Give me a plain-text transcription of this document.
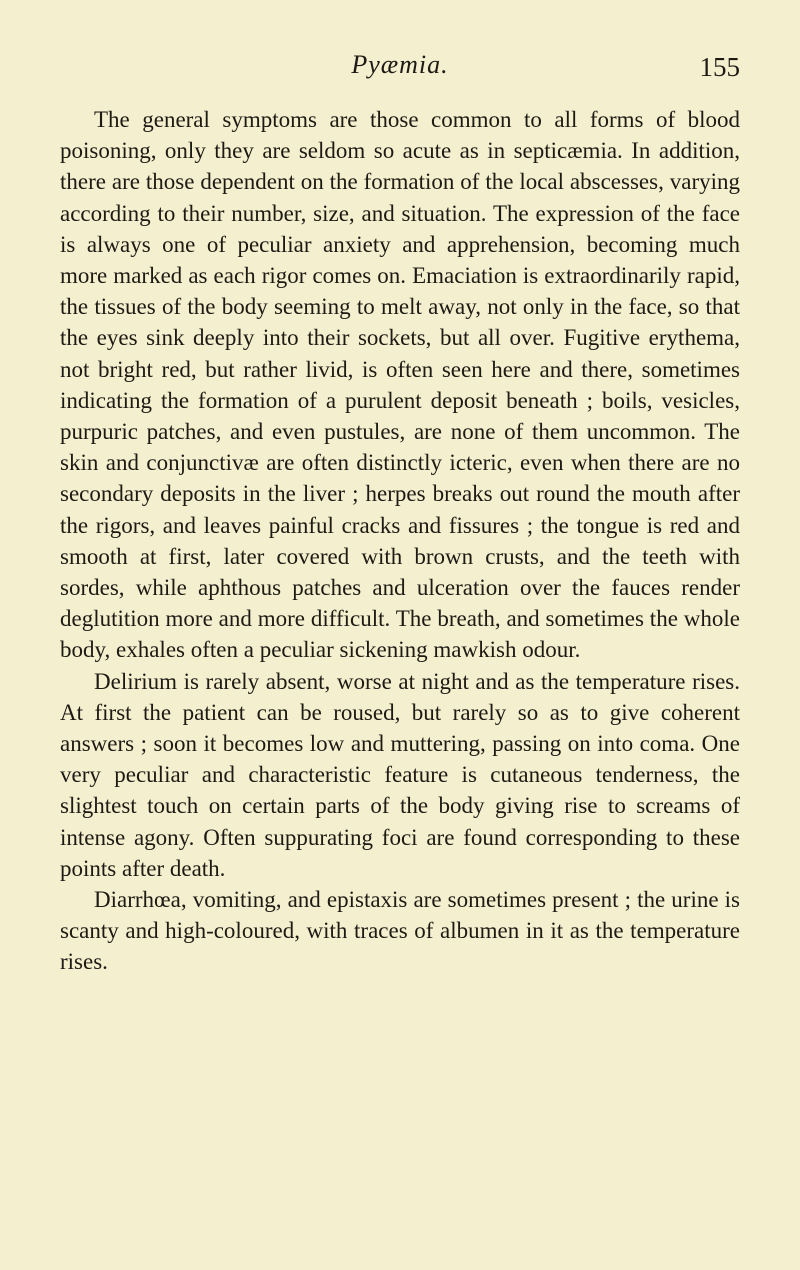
Pyæmia.	155

The general symptoms are those common to all forms of blood poisoning, only they are seldom so acute as in septicæmia. In addition, there are those dependent on the formation of the local abscesses, varying according to their number, size, and situation. The expression of the face is always one of peculiar anxiety and apprehension, becoming much more marked as each rigor comes on. Emaciation is extraordinarily rapid, the tissues of the body seeming to melt away, not only in the face, so that the eyes sink deeply into their sockets, but all over. Fugitive erythema, not bright red, but rather livid, is often seen here and there, sometimes indicating the formation of a purulent deposit beneath ; boils, vesicles, purpuric patches, and even pustules, are none of them uncommon. The skin and conjunctivæ are often distinctly icteric, even when there are no secondary deposits in the liver ; herpes breaks out round the mouth after the rigors, and leaves painful cracks and fissures ; the tongue is red and smooth at first, later covered with brown crusts, and the teeth with sordes, while aphthous patches and ulceration over the fauces render deglutition more and more difficult. The breath, and sometimes the whole body, exhales often a peculiar sickening mawkish odour.

Delirium is rarely absent, worse at night and as the temperature rises. At first the patient can be roused, but rarely so as to give coherent answers ; soon it becomes low and muttering, passing on into coma. One very peculiar and characteristic feature is cutaneous tenderness, the slightest touch on certain parts of the body giving rise to screams of intense agony. Often suppurating foci are found corresponding to these points after death.

Diarrhœa, vomiting, and epistaxis are sometimes present ; the urine is scanty and high-coloured, with traces of albumen in it as the temperature rises.
